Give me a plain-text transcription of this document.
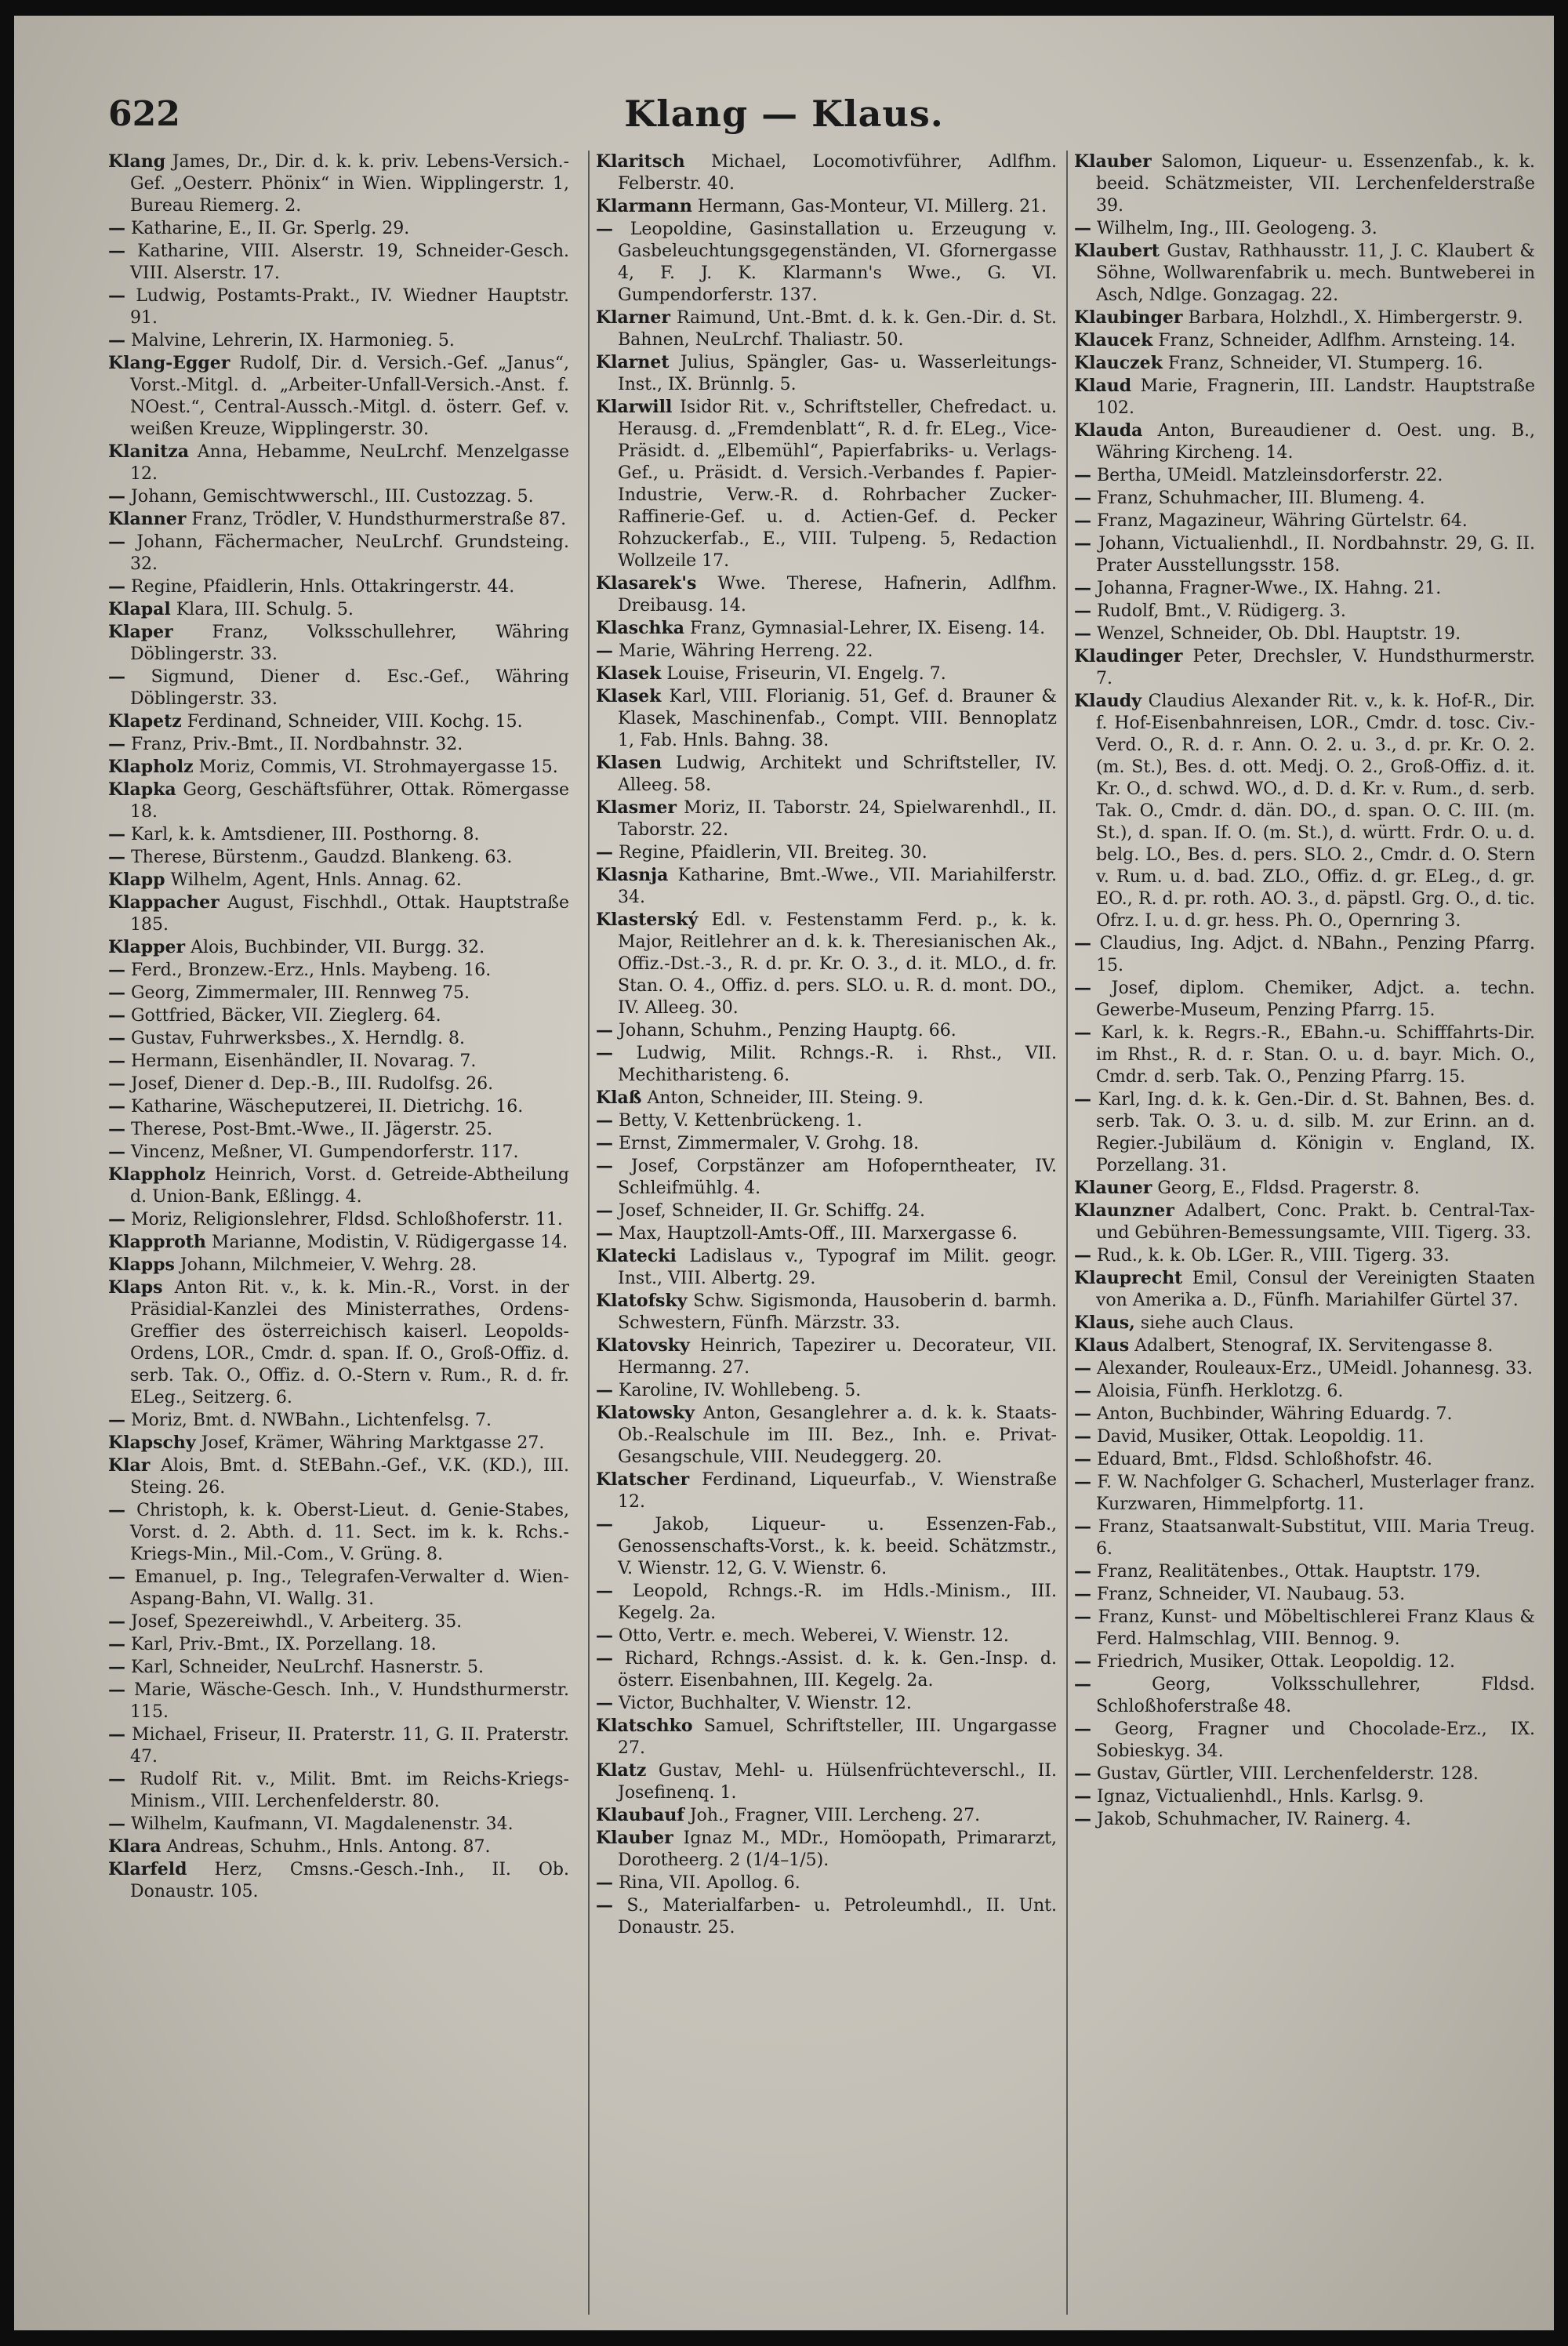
622	Klang — Klaus.

Klang James, Dr., Dir. d. k. k. priv. Lebens-Versich.-Gef. „Oesterr. Phönix“ in Wien. Wipplingerstr. 1, Bureau Riemerg. 2.

— Katharine, E., II. Gr. Sperlg. 29.

— Katharine, VIII. Alserstr. 19, Schneider-Gesch. VIII. Alserstr. 17.

— Ludwig, Postamts-Prakt., IV. Wiedner Hauptstr. 91.

— Malvine, Lehrerin, IX. Harmonieg. 5.

Klang-Egger Rudolf, Dir. d. Versich.-Gef. „Janus“, Vorst.-Mitgl. d. „Arbeiter-Unfall-Versich.-Anst. f. NOest.“, Central-Aussch.-Mitgl. d. österr. Gef. v. weißen Kreuze, Wipplingerstr. 30.

Klanitza Anna, Hebamme, NeuLrchf. Menzelgasse 12.

— Johann, Gemischtwwerschl., III. Custozzag. 5.

Klanner Franz, Trödler, V. Hundsthurmerstraße 87.

— Johann, Fächermacher, NeuLrchf. Grundsteing. 32.

— Regine, Pfaidlerin, Hnls. Ottakringerstr. 44.

Klapal Klara, III. Schulg. 5.

Klaper Franz, Volksschullehrer, Währing Döblingerstr. 33.

— Sigmund, Diener d. Esc.-Gef., Währing Döblingerstr. 33.

Klapetz Ferdinand, Schneider, VIII. Kochg. 15.

— Franz, Priv.-Bmt., II. Nordbahnstr. 32.

Klapholz Moriz, Commis, VI. Strohmayergasse 15.

Klapka Georg, Geschäftsführer, Ottak. Römergasse 18.

— Karl, k. k. Amtsdiener, III. Posthorng. 8.

— Therese, Bürstenm., Gaudzd. Blankeng. 63.

Klapp Wilhelm, Agent, Hnls. Annag. 62.

Klappacher August, Fischhdl., Ottak. Hauptstraße 185.

Klapper Alois, Buchbinder, VII. Burgg. 32.

— Ferd., Bronzew.-Erz., Hnls. Maybeng. 16.

— Georg, Zimmermaler, III. Rennweg 75.

— Gottfried, Bäcker, VII. Zieglerg. 64.

— Gustav, Fuhrwerksbes., X. Herndlg. 8.

— Hermann, Eisenhändler, II. Novarag. 7.

— Josef, Diener d. Dep.-B., III. Rudolfsg. 26.

— Katharine, Wäscheputzerei, II. Dietrichg. 16.

— Therese, Post-Bmt.-Wwe., II. Jägerstr. 25.

— Vincenz, Meßner, VI. Gumpendorferstr. 117.

Klappholz Heinrich, Vorst. d. Getreide-Abtheilung d. Union-Bank, Eßlingg. 4.

— Moriz, Religionslehrer, Fldsd. Schloßhoferstr. 11.

Klapproth Marianne, Modistin, V. Rüdigergasse 14.

Klapps Johann, Milchmeier, V. Wehrg. 28.

Klaps Anton Rit. v., k. k. Min.-R., Vorst. in der Präsidial-Kanzlei des Ministerrathes, Ordens-Greffier des österreichisch kaiserl. Leopolds-Ordens, LOR., Cmdr. d. span. If. O., Groß-Offiz. d. serb. Tak. O., Offiz. d. O.-Stern v. Rum., R. d. fr. ELeg., Seitzerg. 6.

— Moriz, Bmt. d. NWBahn., Lichtenfelsg. 7.

Klapschy Josef, Krämer, Währing Marktgasse 27.

Klar Alois, Bmt. d. StEBahn.-Gef., V.K. (KD.), III. Steing. 26.

— Christoph, k. k. Oberst-Lieut. d. Genie-Stabes, Vorst. d. 2. Abth. d. 11. Sect. im k. k. Rchs.-Kriegs-Min., Mil.-Com., V. Grüng. 8.

— Emanuel, p. Ing., Telegrafen-Verwalter d. Wien-Aspang-Bahn, VI. Wallg. 31.

— Josef, Spezereiwhdl., V. Arbeiterg. 35.

— Karl, Priv.-Bmt., IX. Porzellang. 18.

— Karl, Schneider, NeuLrchf. Hasnerstr. 5.

— Marie, Wäsche-Gesch. Inh., V. Hundsthurmerstr. 115.

— Michael, Friseur, II. Praterstr. 11, G. II. Praterstr. 47.

— Rudolf Rit. v., Milit. Bmt. im Reichs-Kriegs-Minism., VIII. Lerchenfelderstr. 80.

— Wilhelm, Kaufmann, VI. Magdalenenstr. 34.

Klara Andreas, Schuhm., Hnls. Antong. 87.

Klarfeld Herz, Cmsns.-Gesch.-Inh., II. Ob. Donaustr. 105.

Klaritsch Michael, Locomotivführer, Adlfhm. Felberstr. 40.

Klarmann Hermann, Gas-Monteur, VI. Millerg. 21.

— Leopoldine, Gasinstallation u. Erzeugung v. Gasbeleuchtungsgegenständen, VI. Gfornergasse 4, F. J. K. Klarmann's Wwe., G. VI. Gumpendorferstr. 137.

Klarner Raimund, Unt.-Bmt. d. k. k. Gen.-Dir. d. St. Bahnen, NeuLrchf. Thaliastr. 50.

Klarnet Julius, Spängler, Gas- u. Wasserleitungs-Inst., IX. Brünnlg. 5.

Klarwill Isidor Rit. v., Schriftsteller, Chefredact. u. Herausg. d. „Fremdenblatt“, R. d. fr. ELeg., Vice-Präsidt. d. „Elbemühl“, Papierfabriks- u. Verlags-Gef., u. Präsidt. d. Versich.-Verbandes f. Papier-Industrie, Verw.-R. d. Rohrbacher Zucker-Raffinerie-Gef. u. d. Actien-Gef. d. Pecker Rohzuckerfab., E., VIII. Tulpeng. 5, Redaction Wollzeile 17.

Klasarek's Wwe. Therese, Hafnerin, Adlfhm. Dreibausg. 14.

Klaschka Franz, Gymnasial-Lehrer, IX. Eiseng. 14.

— Marie, Währing Herreng. 22.

Klasek Louise, Friseurin, VI. Engelg. 7.

Klasek Karl, VIII. Florianig. 51, Gef. d. Brauner & Klasek, Maschinenfab., Compt. VIII. Bennoplatz 1, Fab. Hnls. Bahng. 38.

Klasen Ludwig, Architekt und Schriftsteller, IV. Alleeg. 58.

Klasmer Moriz, II. Taborstr. 24, Spielwarenhdl., II. Taborstr. 22.

— Regine, Pfaidlerin, VII. Breiteg. 30.

Klasnja Katharine, Bmt.-Wwe., VII. Mariahilferstr. 34.

Klasterský Edl. v. Festenstamm Ferd. p., k. k. Major, Reitlehrer an d. k. k. Theresianischen Ak., Offiz.-Dst.-3., R. d. pr. Kr. O. 3., d. it. MLO., d. fr. Stan. O. 4., Offiz. d. pers. SLO. u. R. d. mont. DO., IV. Alleeg. 30.

— Johann, Schuhm., Penzing Hauptg. 66.

— Ludwig, Milit. Rchngs.-R. i. Rhst., VII. Mechitharisteng. 6.

Klaß Anton, Schneider, III. Steing. 9.

— Betty, V. Kettenbrückeng. 1.

— Ernst, Zimmermaler, V. Grohg. 18.

— Josef, Corpstänzer am Hofoperntheater, IV. Schleifmühlg. 4.

— Josef, Schneider, II. Gr. Schiffg. 24.

— Max, Hauptzoll-Amts-Off., III. Marxergasse 6.

Klatecki Ladislaus v., Typograf im Milit. geogr. Inst., VIII. Albertg. 29.

Klatofsky Schw. Sigismonda, Hausoberin d. barmh. Schwestern, Fünfh. Märzstr. 33.

Klatovsky Heinrich, Tapezirer u. Decorateur, VII. Hermanng. 27.

— Karoline, IV. Wohllebeng. 5.

Klatowsky Anton, Gesanglehrer a. d. k. k. Staats-Ob.-Realschule im III. Bez., Inh. e. Privat-Gesangschule, VIII. Neudeggerg. 20.

Klatscher Ferdinand, Liqueurfab., V. Wienstraße 12.

— Jakob, Liqueur- u. Essenzen-Fab., Genossenschafts-Vorst., k. k. beeid. Schätzmstr., V. Wienstr. 12, G. V. Wienstr. 6.

— Leopold, Rchngs.-R. im Hdls.-Minism., III. Kegelg. 2a.

— Otto, Vertr. e. mech. Weberei, V. Wienstr. 12.

— Richard, Rchngs.-Assist. d. k. k. Gen.-Insp. d. österr. Eisenbahnen, III. Kegelg. 2a.

— Victor, Buchhalter, V. Wienstr. 12.

Klatschko Samuel, Schriftsteller, III. Ungargasse 27.

Klatz Gustav, Mehl- u. Hülsenfrüchteverschl., II. Josefinenq. 1.

Klaubauf Joh., Fragner, VIII. Lercheng. 27.

Klauber Ignaz M., MDr., Homöopath, Primararzt, Dorotheerg. 2 (1/4–1/5).

— Rina, VII. Apollog. 6.

— S., Materialfarben- u. Petroleumhdl., II. Unt. Donaustr. 25.

Klauber Salomon, Liqueur- u. Essenzenfab., k. k. beeid. Schätzmeister, VII. Lerchenfelderstraße 39.

— Wilhelm, Ing., III. Geologeng. 3.

Klaubert Gustav, Rathhausstr. 11, J. C. Klaubert & Söhne, Wollwarenfabrik u. mech. Buntweberei in Asch, Ndlge. Gonzagag. 22.

Klaubinger Barbara, Holzhdl., X. Himbergerstr. 9.

Klaucek Franz, Schneider, Adlfhm. Arnsteing. 14.

Klauczek Franz, Schneider, VI. Stumperg. 16.

Klaud Marie, Fragnerin, III. Landstr. Hauptstraße 102.

Klauda Anton, Bureaudiener d. Oest. ung. B., Währing Kircheng. 14.

— Bertha, UMeidl. Matzleinsdorferstr. 22.

— Franz, Schuhmacher, III. Blumeng. 4.

— Franz, Magazineur, Währing Gürtelstr. 64.

— Johann, Victualienhdl., II. Nordbahnstr. 29, G. II. Prater Ausstellungsstr. 158.

— Johanna, Fragner-Wwe., IX. Hahng. 21.

— Rudolf, Bmt., V. Rüdigerg. 3.

— Wenzel, Schneider, Ob. Dbl. Hauptstr. 19.

Klaudinger Peter, Drechsler, V. Hundsthurmerstr. 7.

Klaudy Claudius Alexander Rit. v., k. k. Hof-R., Dir. f. Hof-Eisenbahnreisen, LOR., Cmdr. d. tosc. Civ.-Verd. O., R. d. r. Ann. O. 2. u. 3., d. pr. Kr. O. 2. (m. St.), Bes. d. ott. Medj. O. 2., Groß-Offiz. d. it. Kr. O., d. schwd. WO., d. D. d. Kr. v. Rum., d. serb. Tak. O., Cmdr. d. dän. DO., d. span. O. C. III. (m. St.), d. span. If. O. (m. St.), d. württ. Frdr. O. u. d. belg. LO., Bes. d. pers. SLO. 2., Cmdr. d. O. Stern v. Rum. u. d. bad. ZLO., Offiz. d. gr. ELeg., d. gr. EO., R. d. pr. roth. AO. 3., d. päpstl. Grg. O., d. tic. Ofrz. I. u. d. gr. hess. Ph. O., Opernring 3.

— Claudius, Ing. Adjct. d. NBahn., Penzing Pfarrg. 15.

— Josef, diplom. Chemiker, Adjct. a. techn. Gewerbe-Museum, Penzing Pfarrg. 15.

— Karl, k. k. Regrs.-R., EBahn.-u. Schifffahrts-Dir. im Rhst., R. d. r. Stan. O. u. d. bayr. Mich. O., Cmdr. d. serb. Tak. O., Penzing Pfarrg. 15.

— Karl, Ing. d. k. k. Gen.-Dir. d. St. Bahnen, Bes. d. serb. Tak. O. 3. u. d. silb. M. zur Erinn. an d. Regier.-Jubiläum d. Königin v. England, IX. Porzellang. 31.

Klauner Georg, E., Fldsd. Pragerstr. 8.

Klaunzner Adalbert, Conc. Prakt. b. Central-Tax- und Gebühren-Bemessungsamte, VIII. Tigerg. 33.

— Rud., k. k. Ob. LGer. R., VIII. Tigerg. 33.

Klauprecht Emil, Consul der Vereinigten Staaten von Amerika a. D., Fünfh. Mariahilfer Gürtel 37.

Klaus, siehe auch Claus.

Klaus Adalbert, Stenograf, IX. Servitengasse 8.

— Alexander, Rouleaux-Erz., UMeidl. Johannesg. 33.

— Aloisia, Fünfh. Herklotzg. 6.

— Anton, Buchbinder, Währing Eduardg. 7.

— David, Musiker, Ottak. Leopoldig. 11.

— Eduard, Bmt., Fldsd. Schloßhofstr. 46.

— F. W. Nachfolger G. Schacherl, Musterlager franz. Kurzwaren, Himmelpfortg. 11.

— Franz, Staatsanwalt-Substitut, VIII. Maria Treug. 6.

— Franz, Realitätenbes., Ottak. Hauptstr. 179.

— Franz, Schneider, VI. Naubaug. 53.

— Franz, Kunst- und Möbeltischlerei Franz Klaus & Ferd. Halmschlag, VIII. Bennog. 9.

— Friedrich, Musiker, Ottak. Leopoldig. 12.

—	Georg, Volksschullehrer, Fldsd. Schloßhoferstraße 48.

— Georg, Fragner und Chocolade-Erz., IX. Sobieskyg. 34.

— Gustav, Gürtler, VIII. Lerchenfelderstr. 128.

— Ignaz, Victualienhdl., Hnls. Karlsg. 9.

— Jakob, Schuhmacher, IV. Rainerg. 4.
